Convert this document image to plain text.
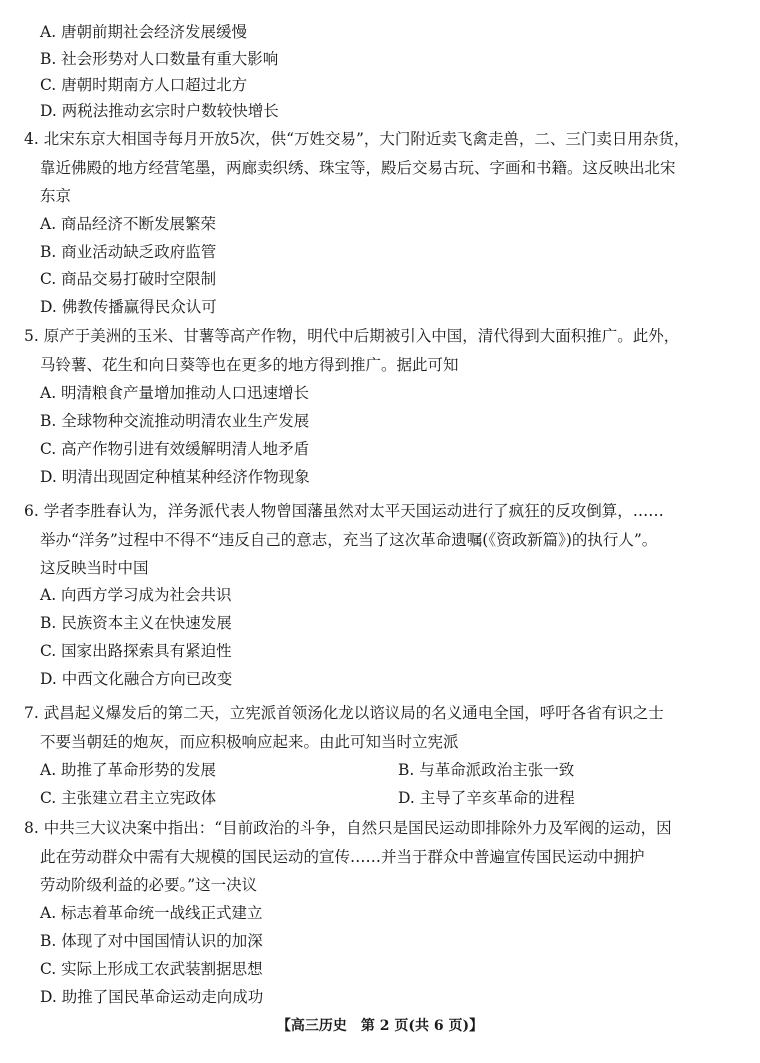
A. 唐朝前期社会经济发展缓慢
B. 社会形势对人口数量有重大影响
C. 唐朝时期南方人口超过北方
D. 两税法推动玄宗时户数较快增长
4. 北宋东京大相国寺每月开放5次，供“万姓交易”，大门附近卖飞禽走兽，二、三门卖日用杂货，
靠近佛殿的地方经营笔墨，两廊卖织绣、珠宝等，殿后交易古玩、字画和书籍。这反映出北宋
东京
A. 商品经济不断发展繁荣
B. 商业活动缺乏政府监管
C. 商品交易打破时空限制
D. 佛教传播赢得民众认可
5. 原产于美洲的玉米、甘薯等高产作物，明代中后期被引入中国，清代得到大面积推广。此外，
马铃薯、花生和向日葵等也在更多的地方得到推广。据此可知
A. 明清粮食产量增加推动人口迅速增长
B. 全球物种交流推动明清农业生产发展
C. 高产作物引进有效缓解明清人地矛盾
D. 明清出现固定种植某种经济作物现象
6. 学者李胜春认为，洋务派代表人物曾国藩虽然对太平天国运动进行了疯狂的反攻倒算，……
举办“洋务”过程中不得不“违反自己的意志，充当了这次革命遗嘱(《资政新篇》)的执行人”。
这反映当时中国
A. 向西方学习成为社会共识
B. 民族资本主义在快速发展
C. 国家出路探索具有紧迫性
D. 中西文化融合方向已改变
7. 武昌起义爆发后的第二天，立宪派首领汤化龙以谘议局的名义通电全国，呼吁各省有识之士
不要当朝廷的炮灰，而应积极响应起来。由此可知当时立宪派
A. 助推了革命形势的发展	B. 与革命派政治主张一致
C. 主张建立君主立宪政体	D. 主导了辛亥革命的进程
8. 中共三大议决案中指出：“目前政治的斗争，自然只是国民运动即排除外力及军阀的运动，因
此在劳动群众中需有大规模的国民运动的宣传……并当于群众中普遍宣传国民运动中拥护
劳动阶级利益的必要。”这一决议
A. 标志着革命统一战线正式建立
B. 体现了对中国国情认识的加深
C. 实际上形成工农武装割据思想
D. 助推了国民革命运动走向成功
【高三历史　第 2 页(共 6 页)】
